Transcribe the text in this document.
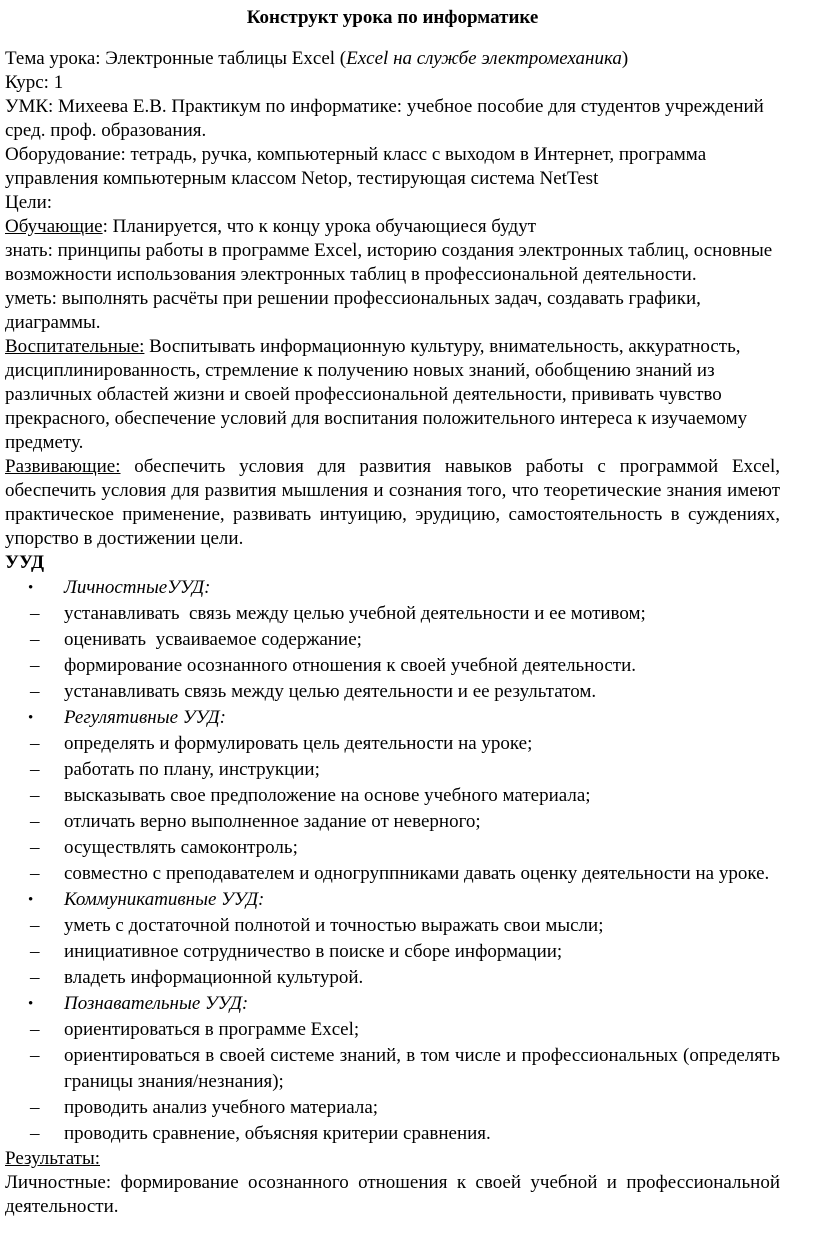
Конструкт урока по информатике

Тема урока: Электронные таблицы Excel (Excel на службе электромеханика)

Курс: 1

УМК: Михеева Е.В. Практикум по информатике: учебное пособие для студентов учреждений сред. проф. образования.

Оборудование: тетрадь, ручка, компьютерный класс с выходом в Интернет, программа управления компьютерным классом Netop, тестирующая система NetTest

Цели:

Обучающие: Планируется, что к концу урока обучающиеся будут

знать: принципы работы в программе Excel, историю создания электронных таблиц, основные возможности использования электронных таблиц в профессиональной деятельности.

уметь: выполнять расчёты при решении профессиональных задач, создавать графики, диаграммы.

Воспитательные: Воспитывать информационную культуру, внимательность, аккуратность, дисциплинированность, стремление к получению новых знаний, обобщению знаний из различных областей жизни и своей профессиональной деятельности, прививать чувство прекрасного, обеспечение условий для воспитания положительного интереса к изучаемому предмету.

Развивающие: обеспечить условия для развития навыков работы с программой Excel, обеспечить условия для развития мышления и сознания того, что теоретические знания имеют практическое применение, развивать интуицию, эрудицию, самостоятельность в суждениях, упорство в достижении цели.

УУД

• ЛичностныеУУД:
– устанавливать  связь между целью учебной деятельности и ее мотивом;
– оценивать  усваиваемое содержание;
– формирование осознанного отношения к своей учебной деятельности.
– устанавливать связь между целью деятельности и ее результатом.
• Регулятивные УУД:
– определять и формулировать цель деятельности на уроке;
– работать по плану, инструкции;
– высказывать свое предположение на основе учебного материала;
– отличать верно выполненное задание от неверного;
– осуществлять самоконтроль;
– совместно с преподавателем и одногруппниками давать оценку деятельности на уроке.
• Коммуникативные УУД:
– уметь с достаточной полнотой и точностью выражать свои мысли;
– инициативное сотрудничество в поиске и сборе информации;
– владеть информационной культурой.
• Познавательные УУД:
– ориентироваться в программе Excel;
– ориентироваться в своей системе знаний, в том числе и профессиональных (определять границы знания/незнания);
– проводить анализ учебного материала;
– проводить сравнение, объясняя критерии сравнения.

Результаты:

Личностные: формирование осознанного отношения к своей учебной и профессиональной деятельности.
